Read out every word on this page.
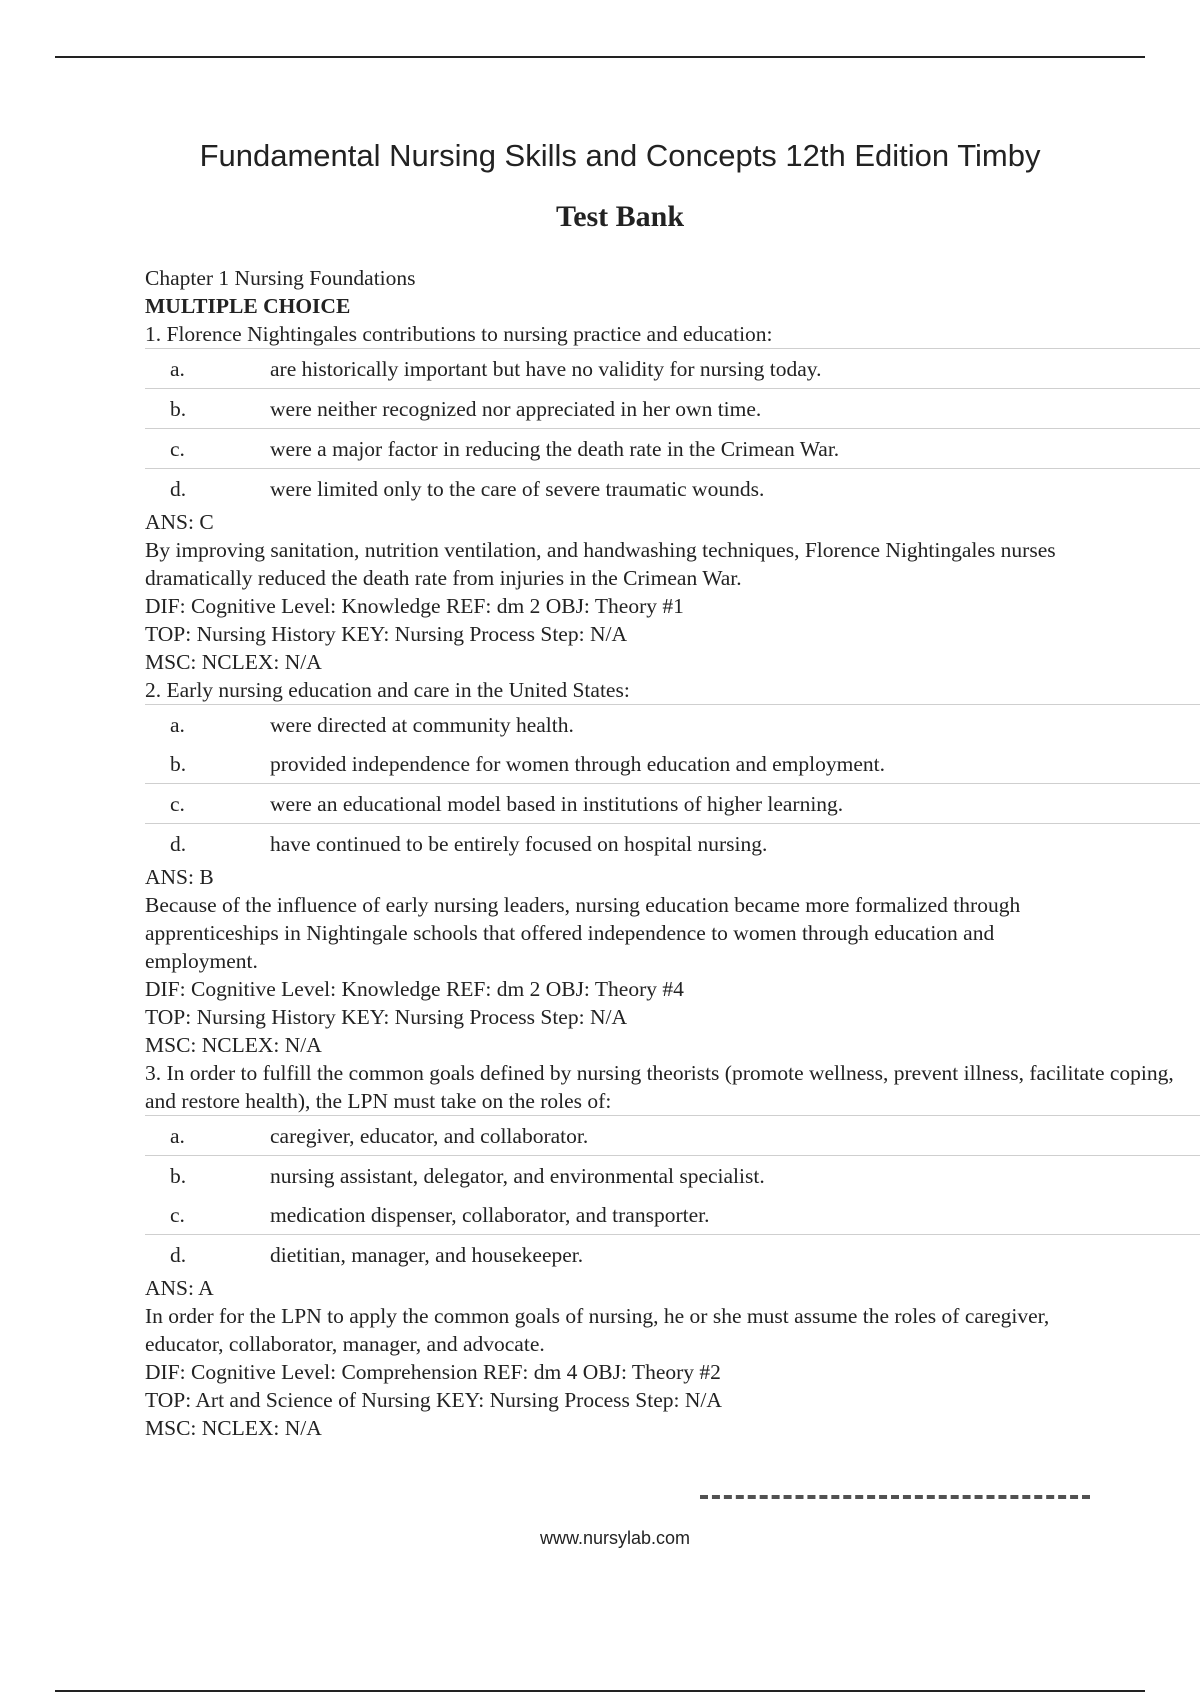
Fundamental Nursing Skills and Concepts 12th Edition Timby
Test Bank
Chapter 1 Nursing Foundations
MULTIPLE CHOICE
1. Florence Nightingales contributions to nursing practice and education:
a.	are historically important but have no validity for nursing today.
b.	were neither recognized nor appreciated in her own time.
c.	were a major factor in reducing the death rate in the Crimean War.
d.	were limited only to the care of severe traumatic wounds.
ANS: C
By improving sanitation, nutrition ventilation, and handwashing techniques, Florence Nightingales nurses dramatically reduced the death rate from injuries in the Crimean War.
DIF: Cognitive Level: Knowledge REF: dm 2 OBJ: Theory #1
TOP: Nursing History KEY: Nursing Process Step: N/A
MSC: NCLEX: N/A
2. Early nursing education and care in the United States:
a.	were directed at community health.
b.	provided independence for women through education and employment.
c.	were an educational model based in institutions of higher learning.
d.	have continued to be entirely focused on hospital nursing.
ANS: B
Because of the influence of early nursing leaders, nursing education became more formalized through apprenticeships in Nightingale schools that offered independence to women through education and employment.
DIF: Cognitive Level: Knowledge REF: dm 2 OBJ: Theory #4
TOP: Nursing History KEY: Nursing Process Step: N/A
MSC: NCLEX: N/A
3. In order to fulfill the common goals defined by nursing theorists (promote wellness, prevent illness, facilitate coping, and restore health), the LPN must take on the roles of:
a.	caregiver, educator, and collaborator.
b.	nursing assistant, delegator, and environmental specialist.
c.	medication dispenser, collaborator, and transporter.
d.	dietitian, manager, and housekeeper.
ANS: A
In order for the LPN to apply the common goals of nursing, he or she must assume the roles of caregiver, educator, collaborator, manager, and advocate.
DIF: Cognitive Level: Comprehension REF: dm 4 OBJ: Theory #2
TOP: Art and Science of Nursing KEY: Nursing Process Step: N/A
MSC: NCLEX: N/A
www.nursylab.com
